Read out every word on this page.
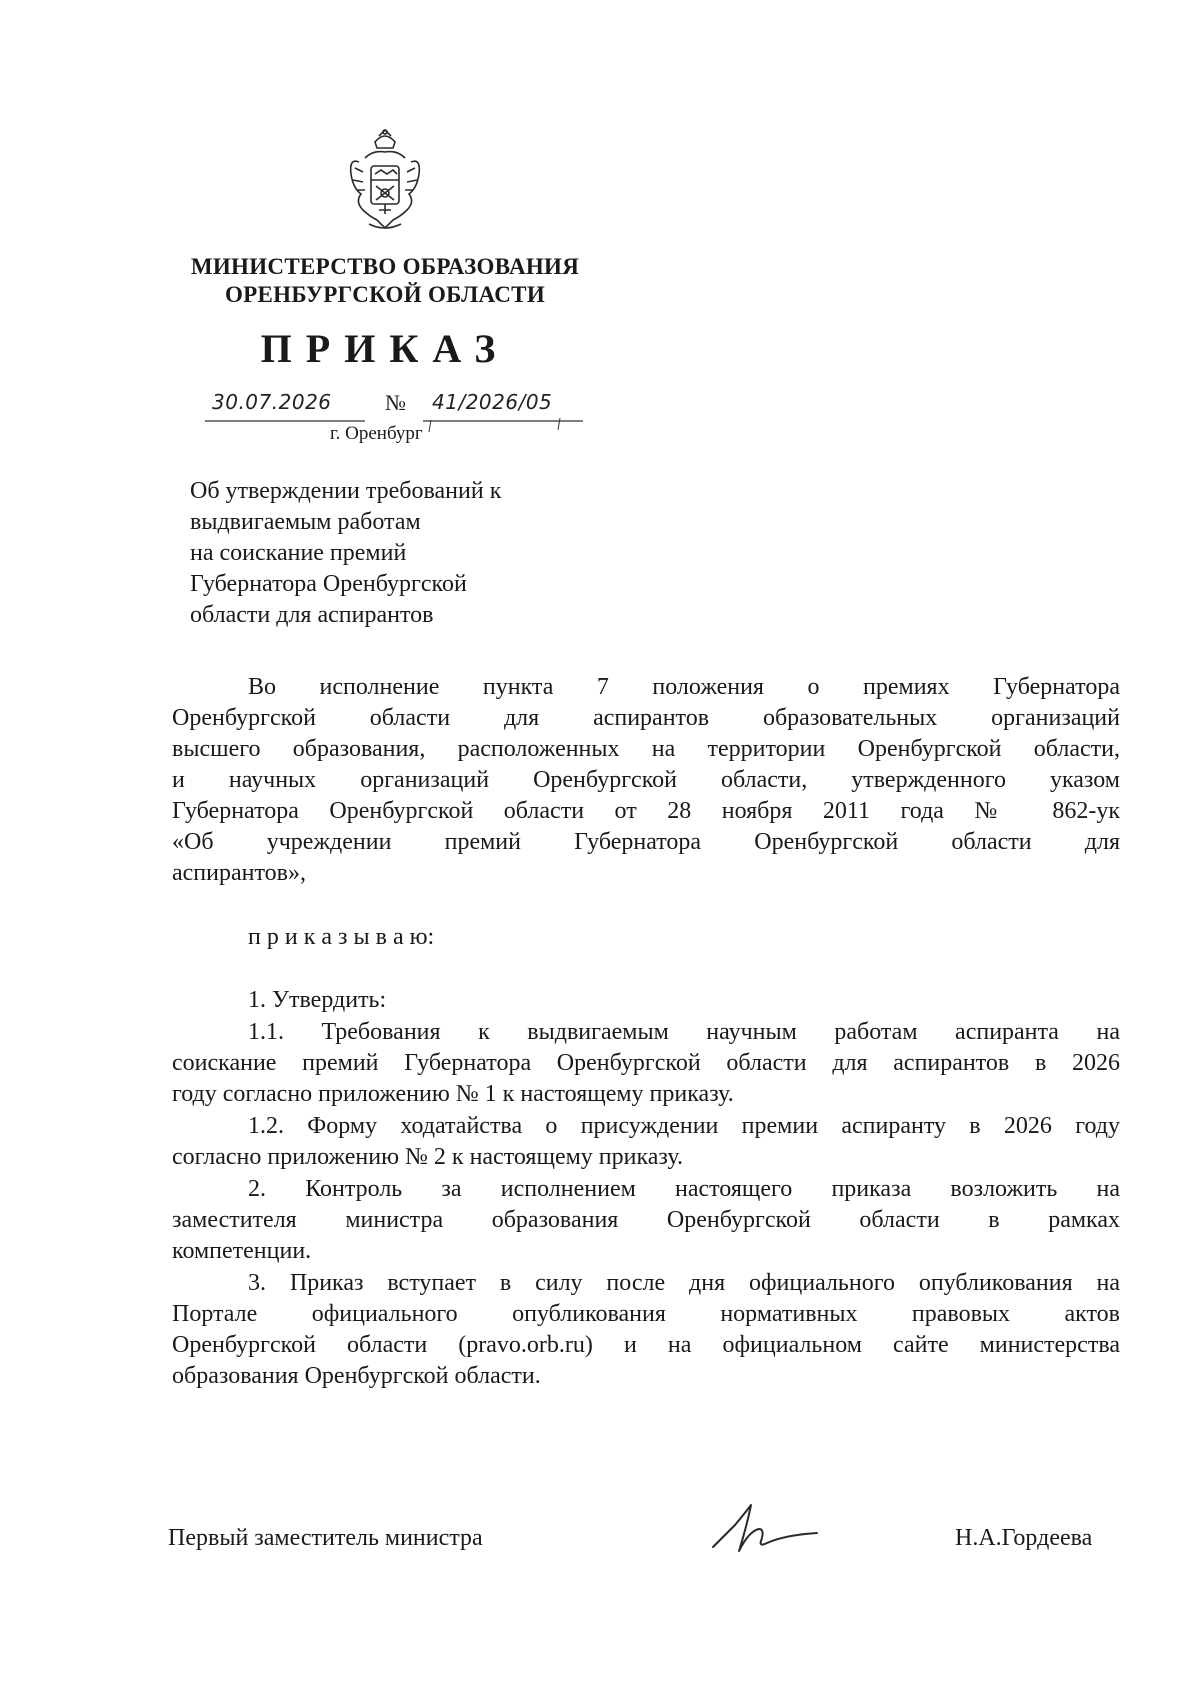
МИНИСТЕРСТВО ОБРАЗОВАНИЯ
ОРЕНБУРГСКОЙ ОБЛАСТИ
ПРИКАЗ
30.07.2026 № 41/2026/05
г. Оренбург
Об утверждении требований к
выдвигаемым работам
на соискание премий
Губернатора Оренбургской
области для аспирантов
Во исполнение пункта 7 положения о премиях Губернатора
Оренбургской области для аспирантов образовательных организаций
высшего образования, расположенных на территории Оренбургской области,
и научных организаций Оренбургской области, утвержденного указом
Губернатора Оренбургской области от 28 ноября 2011 года № 862-ук
«Об учреждении премий Губернатора Оренбургской области для
аспирантов»,
п р и к а з ы в а ю:
1. Утвердить:
1.1. Требования к выдвигаемым научным работам аспиранта на
соискание премий Губернатора Оренбургской области для аспирантов в 2026
году согласно приложению № 1 к настоящему приказу.
1.2. Форму ходатайства о присуждении премии аспиранту в 2026 году
согласно приложению № 2 к настоящему приказу.
2. Контроль за исполнением настоящего приказа возложить на
заместителя министра образования Оренбургской области в рамках
компетенции.
3. Приказ вступает в силу после дня официального опубликования на
Портале официального опубликования нормативных правовых актов
Оренбургской области (pravo.orb.ru) и на официальном сайте министерства
образования Оренбургской области.
Первый заместитель министра	Н.А.Гордеева
